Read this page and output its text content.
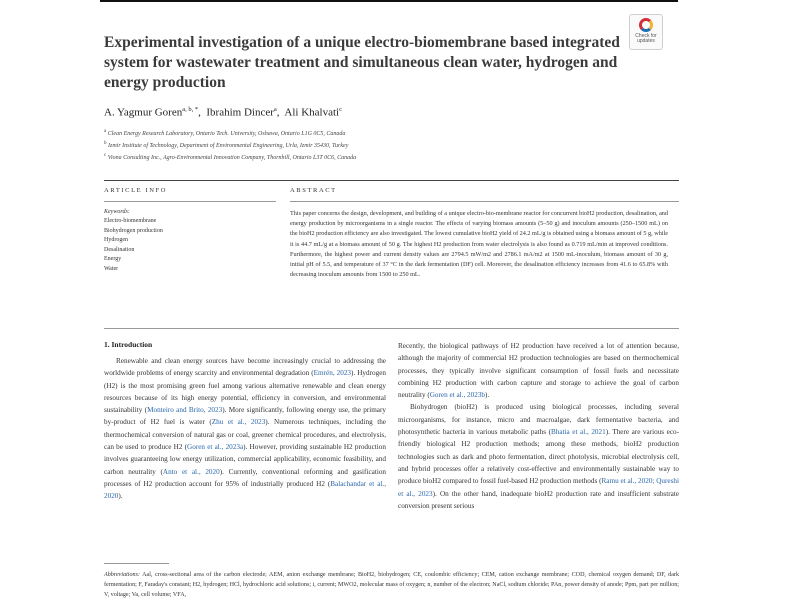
Check for updates
Experimental investigation of a unique electro-biomembrane based integrated system for wastewater treatment and simultaneous clean water, hydrogen and energy production
A. Yagmur Goren$^{a, b, *}$,  Ibrahim Dincer$^a$,  Ali Khalvati$^c$
$^a$ Clean Energy Research Laboratory, Ontario Tech. University, Oshawa, Ontario L1G 0C5, Canada
$^b$ Izmir Institute of Technology, Department of Environmental Engineering, Urla, Izmir 35430, Turkey
$^c$ Viona Consulting Inc., Agro-Environmental Innovation Company, Thornhill, Ontario L3T 0C6, Canada
ARTICLE INFO	ABSTRACT
Keywords:
Electro-biomembrane
Biohydrogen production
Hydrogen
Desalination
Energy
Water
This paper concerns the design, development, and building of a unique electro-bio-membrane reactor for concurrent bioH2 production, desalination, and energy production by microorganisms in a single reactor. The effects of varying biomass amounts (5–50 g) and inoculum amounts (250–1500 mL) on the bioH2 production efficiency are also investigated. The lowest cumulative bioH2 yield of 24.2 mL/g is obtained using a biomass amount of 5 g, while it is 44.7 mL/g at a biomass amount of 50 g. The highest H2 production from water electrolysis is also found as 0.719 mL/min at improved conditions. Furthermore, the highest power and current density values are 2794.5 mW/m2 and 2786.1 mA/m2 at 1500 mL-inoculum, biomass amount of 30 g, initial pH of 5.5, and temperature of 37 °C in the dark fermentation (DF) cell. Moreover, the desalination efficiency increases from 41.6 to 65.8% with decreasing inoculum amounts from 1500 to 250 mL.
1. Introduction

Renewable and clean energy sources have become increasingly crucial to addressing the worldwide problems of energy scarcity and environmental degradation (Emrén, 2023). Hydrogen (H2) is the most promising green fuel among various alternative renewable and clean energy resources because of its high energy potential, efficiency in conversion, and environmental sustainability (Monteiro and Brito, 2023). More significantly, following energy use, the primary by-product of H2 fuel is water (Zhu et al., 2023). Numerous techniques, including the thermochemical conversion of natural gas or coal, greener chemical procedures, and electrolysis, can be used to produce H2 (Goren et al., 2023a). However, providing sustainable H2 production involves guaranteeing low energy utilization, commercial applicability, economic feasibility, and carbon neutrality (Anto et al., 2020). Currently, conventional reforming and gasification processes of H2 production account for 95% of industrially produced H2 (Balachandar et al., 2020).

Recently, the biological pathways of H2 production have received a lot of attention because, although the majority of commercial H2 production technologies are based on thermochemical processes, they typically involve significant consumption of fossil fuels and necessitate combining H2 production with carbon capture and storage to achieve the goal of carbon neutrality (Goren et al., 2023b).

Biohydrogen (bioH2) is produced using biological processes, including several microorganisms, for instance, micro and macroalgae, dark fermentative bacteria, and photosynthetic bacteria in various metabolic paths (Bhatia et al., 2021). There are various eco-friendly biological H2 production methods; among these methods, bioH2 production technologies such as dark and photo fermentation, direct photolysis, microbial electrolysis cell, and hybrid processes offer a relatively cost-effective and environmentally sustainable way to produce bioH2 compared to fossil fuel-based H2 production methods (Ramu et al., 2020; Qureshi et al., 2023). On the other hand, inadequate bioH2 production rate and insufficient substrate conversion present serious

Abbreviations: Aal, cross-sectional area of the carbon electrode; AEM, anion exchange membrane; BioH2, biohydrogen; CE, coulombic efficiency; CEM, cation exchange membrane; COD, chemical oxygen demand; DF, dark fermentation; F, Faraday's constant; H2, hydrogen; HCl, hydrochloric acid solutions; i, current; MWO2, molecular mass of oxygen; n, number of the electron; NaCl, sodium chloride; PAn, power density of anode; Ppm, part per million; V, voltage; Va, cell volume; VFA,
